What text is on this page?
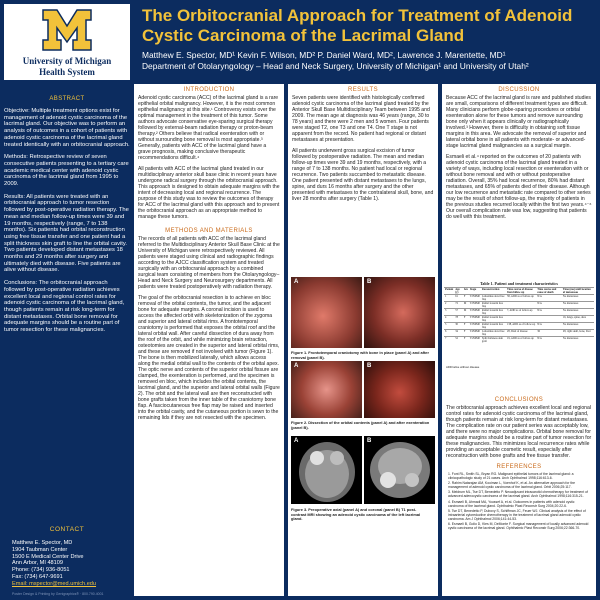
University of Michigan
Health System
The Orbitocranial Approach for Treatment of Adenoid Cystic Carcinoma of the Lacrimal Gland
Matthew E. Spector, MD¹ Kevin F. Wilson, MD² P. Daniel Ward, MD², Lawrence J. Marentette, MD¹
Department of Otolaryngology – Head and Neck Surgery, University of Michigan¹ and University of Utah²
ABSTRACT

Objective: Multiple treatment options exist for management of adenoid cystic carcinoma of the lacrimal gland. Our objective was to perform an analysis of outcomes in a cohort of patients with adenoid cystic carcinoma of the lacrimal gland treated identically with an orbitocranial approach.

Methods: Retrospective review of seven consecutive patients presenting to a tertiary care academic medical center with adenoid cystic carcinoma of the lacrimal gland from 1995 to 2009.

Results: All patients were treated with an orbitocranial approach to tumor resection followed by post-operative radiation therapy. The mean and median follow-up times were 39 and 19 months, respectively (range, 7 to 138 months). Six patients had orbital reconstruction using free tissue transfer and one patient had a split thickness skin graft to line the orbital cavity. Two patients developed distant metastases 18 months and 29 months after surgery and ultimately died with disease. Five patients are alive without disease.

Conclusions: The orbitocranial approach followed by post-operative radiation achieves excellent local and regional control rates for adenoid cystic carcinoma of the lacrimal gland, though patients remain at risk long-term for distant metastases. Orbital bone removal for adequate margins should be a routine part of tumor resection for these malignancies.

CONTACT
Matthew E. Spector, MD
1904 Taubman Center
1500 E Medical Center Drive
Ann Arbor, MI 48109
Phone: (734) 936-8051
Fax: (734) 647-9691
Email: mspector@med.umich.edu
Poster Design & Printing by Genigraphics® · 800.790.4001
INTRODUCTION

Adenoid cystic carcinoma (ACC) of the lacrimal gland is a rare epithelial orbital malignancy. However, it is the most common epithelial malignancy at this site.¹ Controversy exists over the optimal management in the treatment of this tumor. Some authors advocate conservative eye-sparing surgical therapy followed by external-beam radiation therapy or proton-beam therapy.² Others believe that radical exenteration with or without surrounding bone removal is most appropriate.³ Generally, patients with ACC of the lacrimal gland have a grave prognosis, making conclusive therapeutic recommendations difficult.⁴

All patients with ACC of the lacrimal gland treated in our multidisciplinary anterior skull base clinic in recent years have undergone radical surgery through the orbitocranial approach. This approach is designed to obtain adequate margins with the intent of decreasing local and regional recurrence. The purpose of this study was to review the outcomes of therapy for ACC of the lacrimal gland with this approach and to present the orbitocranial approach as an appropriate method to manage these tumors.

METHODS AND MATERIALS

The records of all patients with ACC of the lacrimal gland referred to the Multidisciplinary Anterior Skull Base Clinic at the University of Michigan were retrospectively reviewed. All patients were staged using clinical and radiographic findings according to the AJCC classification system and treated surgically with an orbitocranial approach by a combined surgical team consisting of members from the Otolaryngology–Head and Neck Surgery and Neurosurgery departments. All patients were treated postoperatively with radiation therapy.

The goal of the orbitocranial resection is to achieve en bloc removal of the orbital contents, the tumor, and the adjacent bone for adequate margins. A coronal incision is used to access the affected orbit with skeletonization of the zygoma and superior and lateral orbital rims. A frontotemporal craniotomy is performed that exposes the orbital roof and the lateral orbital wall. After careful dissection of dura away from the roof of the orbit, and while minimizing brain retraction, osteotomies are created in the superior and lateral orbital rims, and these are removed if not involved with tumor (Figure 1). The bone is then mobilized laterally, which allows access along the medial orbital wall to the contents of the orbital apex. The optic nerve and contents of the superior orbital fissure are clamped, the exenteration is performed, and the specimen is removed en bloc, which includes the orbital contents, the lacrimal gland, and the superior and lateral orbital walls (Figure 2). The orbit and the lateral wall are then reconstructed with bone grafts taken from the inner table of the craniotomy bone flap. A fasciocutaneous free flap may be raised and inserted into the orbital cavity, and the cutaneous portion is sewn to the remaining lids if they are not resected with the specimen.

RESULTS

Seven patients were identified with histologically confirmed adenoid cystic carcinoma of the lacrimal gland treated by the Anterior Skull Base Multidisciplinary Team between 1995 and 2009. The mean age at diagnosis was 46 years (range, 30 to 78 years) and there were 2 men and 5 women. Four patients were staged T2, one T3 and one T4. One T stage is not apparent from the record. No patient had regional or distant metastases at presentation.

All patients underwent gross surgical excision of tumor followed by postoperative radiation. The mean and median follow-up times were 39 and 19 months, respectively, with a range of 7 to 138 months. No patient had local or regional recurrence. Two patients succumbed to metastatic disease. One patient presented with distant metastases to the lungs, spine, and durs 16 months after surgery and the other presented with metastases to the contralateral skull, bone, and liver 28 months after surgery (Table 1).

A	B
Figure 1. Frontotemporal craniotomy with bone in place (panel A) and after removal (panel B).
A	B
Figure 2. Dissection of the orbital contents (panel A) and after exenteration (panel B).
A	B
Figure 3. Preoperative axial (panel A) and coronal (panel B) T1 post-contrast MRI showing an adenoid cystic carcinoma of the left lacrimal gland.
DISCUSSION

Because ACC of the lacrimal gland is rare and published studies are small, comparisons of different treatment types are difficult. Many clinicians perform globe-sparing procedures or orbital exenteration alone for these tumors and remove surrounding bone only when it appears clinically or radiographically involved.³ However, there is difficulty in obtaining soft tissue margins in this area. We advocate the removal of superior and lateral orbital bone in all patients with moderate- or advanced-stage lacrimal gland malignancies as a surgical margin.

Esmaeli et al.⁴ reported on the outcomes of 20 patients with adenoid cystic carcinoma of the lacrimal gland treated in a variety of ways, including local resection or exenteration with or without bone removal and with or without postoperative radiation. Overall, 35% had local recurrence, 80% had distant metastases, and 65% of patients died of their disease. Although our low recurrence and metastatic rate compared to other series may be the result of short follow-up, the majority of patients in the previous studies recurred locally within the first two years.⁴⁻⁶ Our overall complication rate was low, suggesting that patients do well with this treatment.

CONCLUSIONS
The orbitocranial approach achieves excellent local and regional control rates for adenoid cystic carcinoma of the lacrimal gland, though patients remain at risk long-term for distant metastases. The complication rate on our patient series was acceptably low, and there were no major complications. Orbital bone removal for adequate margins should be a routine part of tumor resection for these malignancies. This minimizes local recurrence rates while providing an acceptable cosmetic result, especially after reconstruction with bone grafts and free tissue transfer.
REFERENCES

1. Font RL, Smith SL, Bryan RG. Malignant epithelial tumors of the lacrimal gland: a clinicopathologic study of 21 cases. Arch Ophthalmol 1998;116:613-6.

2. Rahim Natarajan AM, Kooiman L, Voenhof K, et al. An alternative approach for the management of adenoid cystic carcinoma of the lacrimal gland. Orbit 2006;25:117.

3. Meldrum ML, Tse DT, Benedetto P. Neoadjuvant intracarotid chemotherapy for treatment of advanced adenocystic carcinoma of the lacrimal gland. Arch Ophthalmol 1998;116:315-21.

4. Esmaeli B, Ahmadi MA, Youssef A, et al. Outcomes in patients with adenoid cystic carcinoma of the lacrimal gland. Ophthalmic Plast Reconstr Surg 2004;20:22-6.

5. Tse DT, Benedetto P, Dubovy S, Schiffman JC, Feuer WJ. Clinical analysis of the effect of intraarterial cytoreductive chemotherapy in the treatment of lacrimal gland adenoid cystic carcinoma. Am J Ophthalmol 2006;141:44-53.

6. Esmaeli B, Golio D, Kies M, DeMonte F. Surgical management of locally advanced adenoid cystic carcinoma of the lacrimal gland. Ophthalmic Plast Reconstr Surg 2006;22:366-70.

Table 1. Patient and treatment characteristics
Patient	Age (y)	Sex	Stage	Reconstruction	Time course of disease from follow-up	Time course and cause of death	Time (mo) until location of metastases
1	61	F	T2N0M0	Latissimus dorsi free flap	38, ADD as of follow-up	N/A	No metastases
2	72	M	T2N0M0	Radial forearm free flap		N/A	No metastases
3	57	M	T2N0M0	Radial forearm free flap	7, ADD as of follow-up	N/A	No metastases
4	78	F	T3N0M0	Radial forearm free flap			16, lungs, spine, dura
5	30	F	T2N0M0	Radial forearm free flap	138, ADD as of follow-up	N/A	No metastases
6	34	F	T4N0M0	Latissimus dorsi free flap	28, Died of disease	36	28, right skull, bone, liver
7	52	F	TxN0M0	Split thickness skin graft	19, ADD as of follow-up	N/A	No metastases
ADD=alive without disease
